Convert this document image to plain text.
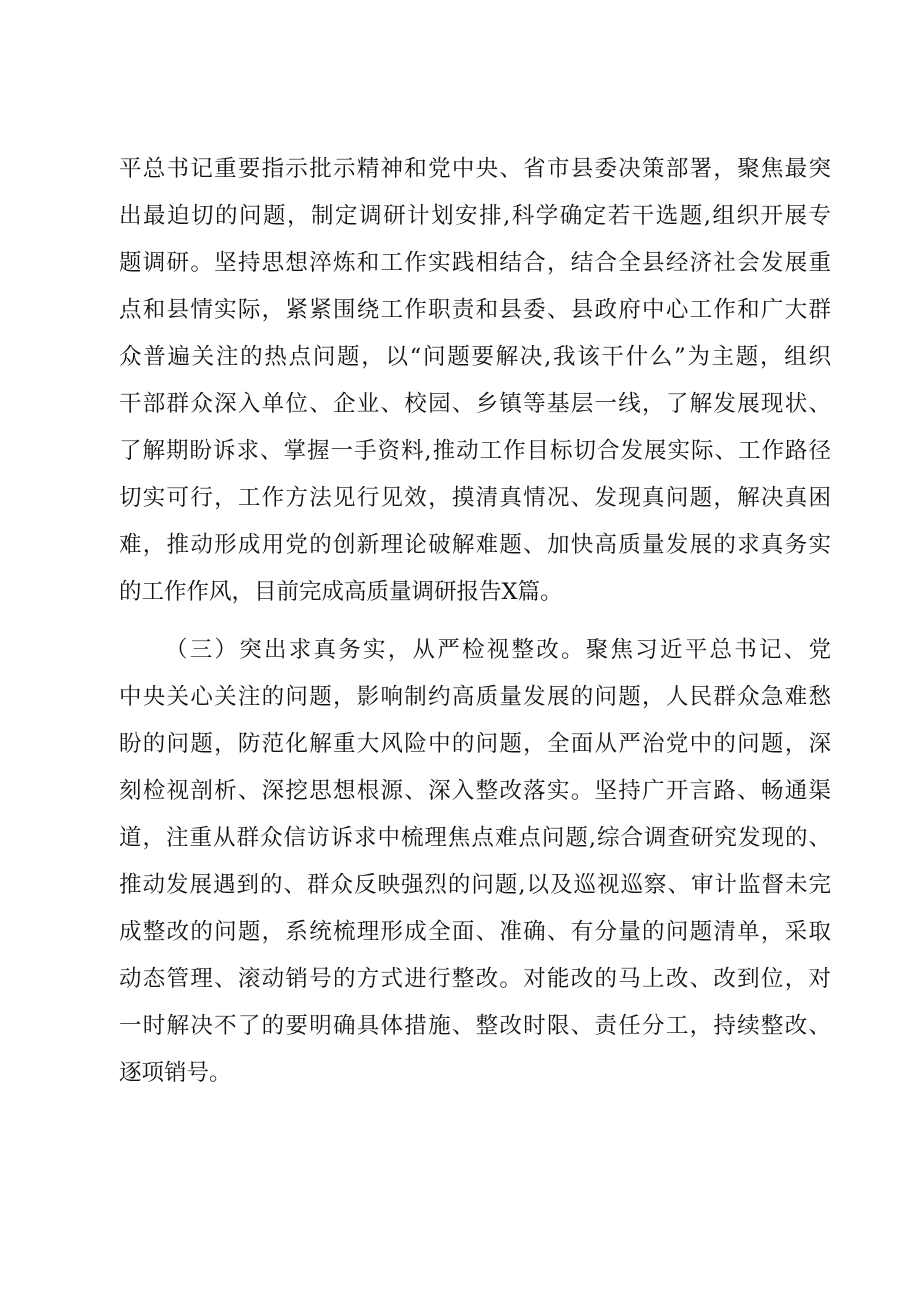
平总书记重要指示批示精神和党中央、省市县委决策部署，聚焦最突
出最迫切的问题，制定调研计划安排,科学确定若干选题,组织开展专
题调研。坚持思想淬炼和工作实践相结合，结合全县经济社会发展重
点和县情实际，紧紧围绕工作职责和县委、县政府中心工作和广大群
众普遍关注的热点问题，以“问题要解决,我该干什么”为主题，组织
干部群众深入单位、企业、校园、乡镇等基层一线，了解发展现状、
了解期盼诉求、掌握一手资料,推动工作目标切合发展实际、工作路径
切实可行，工作方法见行见效，摸清真情况、发现真问题，解决真困
难，推动形成用党的创新理论破解难题、加快高质量发展的求真务实
的工作作风，目前完成高质量调研报告X篇。
（三）突出求真务实，从严检视整改。聚焦习近平总书记、党
中央关心关注的问题，影响制约高质量发展的问题，人民群众急难愁
盼的问题，防范化解重大风险中的问题，全面从严治党中的问题，深
刻检视剖析、深挖思想根源、深入整改落实。坚持广开言路、畅通渠
道，注重从群众信访诉求中梳理焦点难点问题,综合调查研究发现的、
推动发展遇到的、群众反映强烈的问题,以及巡视巡察、审计监督未完
成整改的问题，系统梳理形成全面、准确、有分量的问题清单，采取
动态管理、滚动销号的方式进行整改。对能改的马上改、改到位，对
一时解决不了的要明确具体措施、整改时限、责任分工，持续整改、
逐项销号。
